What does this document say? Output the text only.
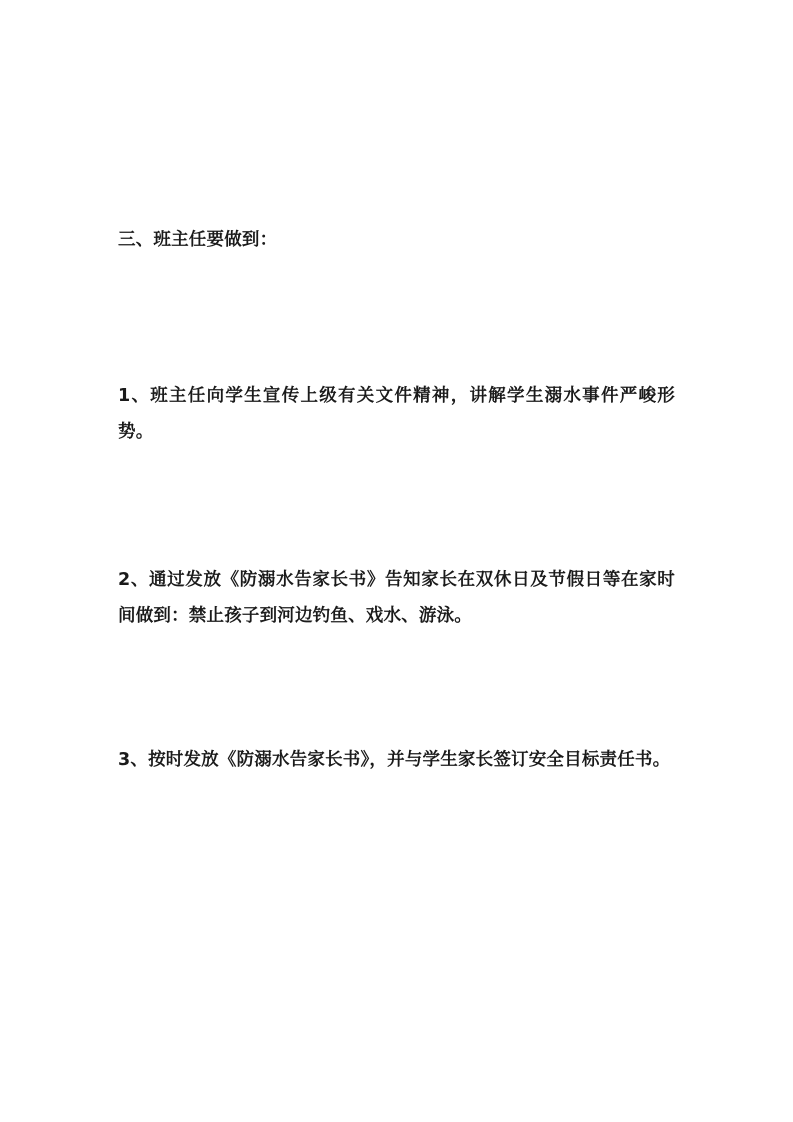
三、班主任要做到：

1、班主任向学生宣传上级有关文件精神，讲解学生溺水事件严峻形势。

2、通过发放《防溺水告家长书》告知家长在双休日及节假日等在家时间做到：禁止孩子到河边钓鱼、戏水、游泳。

3、按时发放《防溺水告家长书》，并与学生家长签订安全目标责任书。
